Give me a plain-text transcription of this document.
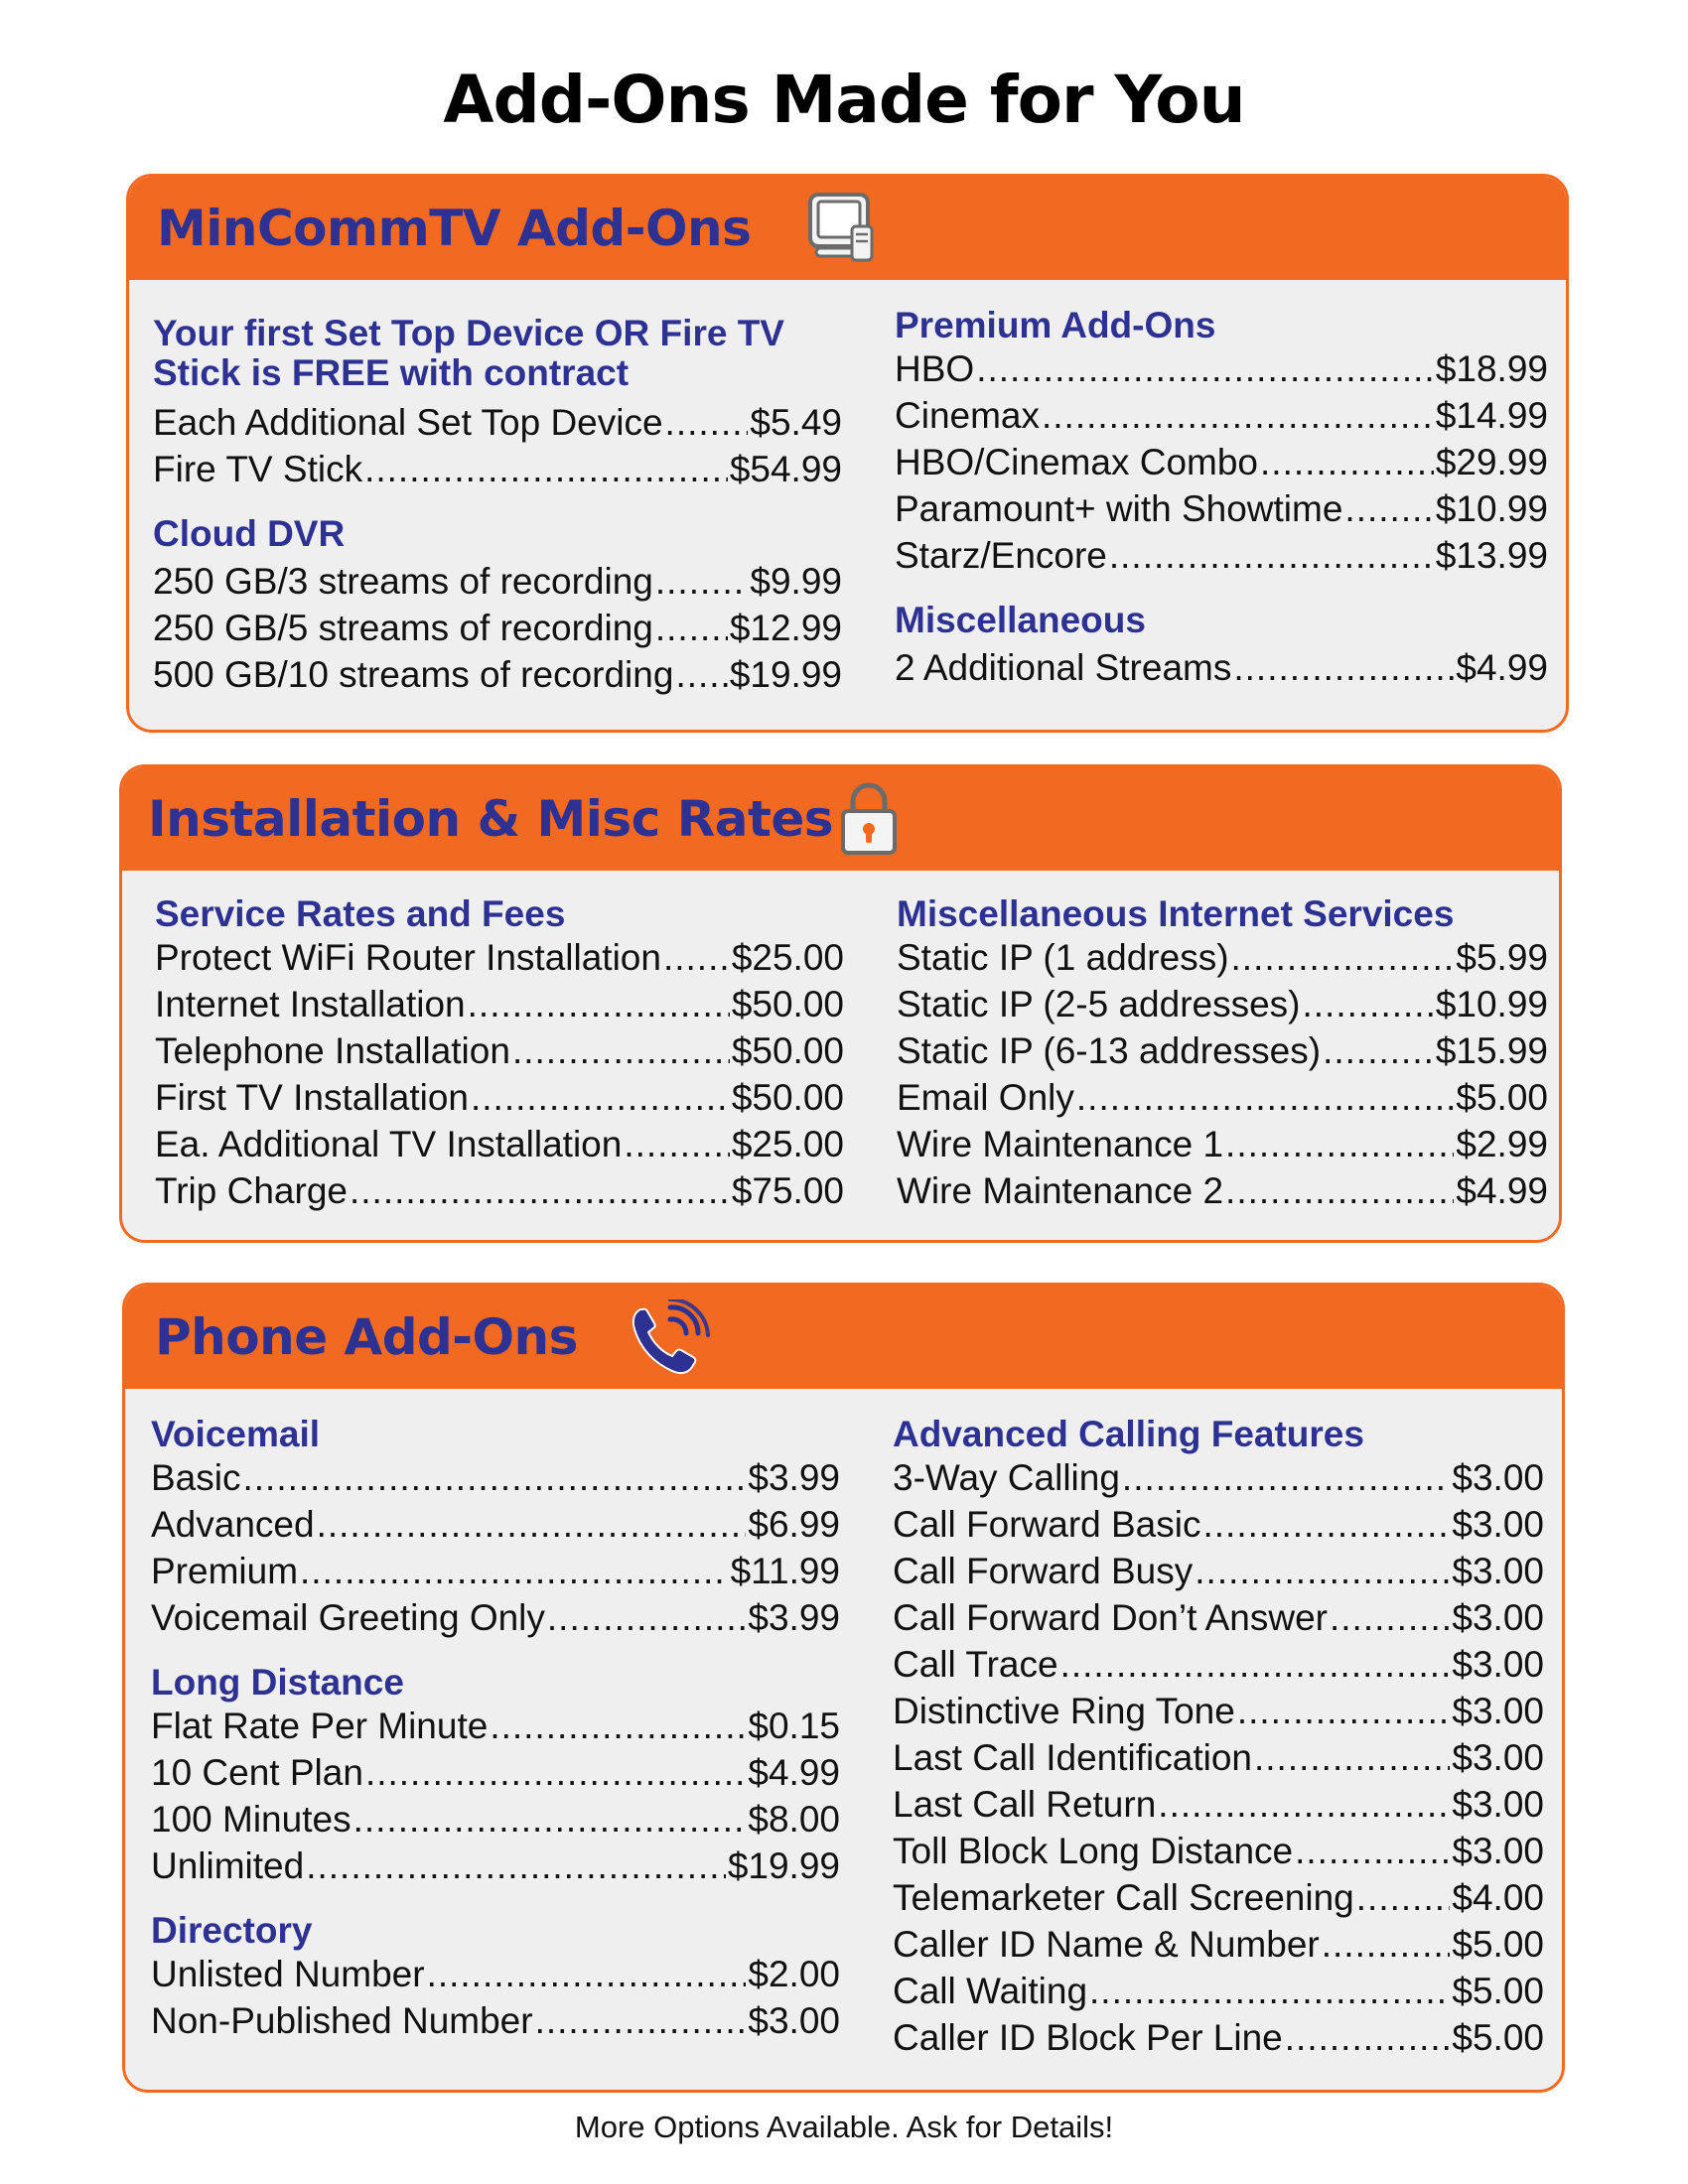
Add-Ons Made for You
MinCommTV Add-Ons
Your first Set Top Device OR Fire TV
Stick is FREE with contract
Each Additional Set Top Device ..... $5.49
Fire TV Stick .....	$54.99
Cloud DVR
250 GB/3 streams of recording .....	$9.99
250 GB/5 streams of recording ..... $12.99
500 GB/10 streams of recording ..... $19.99
Premium Add-Ons
HBO .....	$18.99
Cinemax .....	$14.99
HBO/Cinemax Combo .....	$29.99
Paramount+ with Showtime .....	$10.99
Starz/Encore .....	$13.99
Miscellaneous
2 Additional Streams .....	$4.99
Installation & Misc Rates
Service Rates and Fees
Protect WiFi Router Installation ..... $25.00
Internet Installation .....	$50.00
Telephone Installation .....	$50.00
First TV Installation .....	$50.00
Ea. Additional TV Installation .....	$25.00
Trip Charge .....	$75.00
Miscellaneous Internet Services
Static IP (1 address) .....	$5.99
Static IP (2-5 addresses) .....	$10.99
Static IP (6-13 addresses) .....	$15.99
Email Only .....	$5.00
Wire Maintenance 1 .....	$2.99
Wire Maintenance 2 .....	$4.99
Phone Add-Ons
Voicemail
Basic .....	$3.99
Advanced .....	$6.99
Premium .....	$11.99
Voicemail Greeting Only .....	$3.99
Long Distance
Flat Rate Per Minute .....	$0.15
10 Cent Plan .....	$4.99
100 Minutes .....	$8.00
Unlimited .....	$19.99
Directory
Unlisted Number .....	$2.00
Non-Published Number .....	$3.00
Advanced Calling Features
3-Way Calling .....	$3.00
Call Forward Basic .....	$3.00
Call Forward Busy .....	$3.00
Call Forward Don’t Answer .....	$3.00
Call Trace .....	$3.00
Distinctive Ring Tone .....	$3.00
Last Call Identification .....	$3.00
Last Call Return .....	$3.00
Toll Block Long Distance .....	$3.00
Telemarketer Call Screening .....	$4.00
Caller ID Name & Number .....	$5.00
Call Waiting .....	$5.00
Caller ID Block Per Line .....	$5.00
More Options Available. Ask for Details!
